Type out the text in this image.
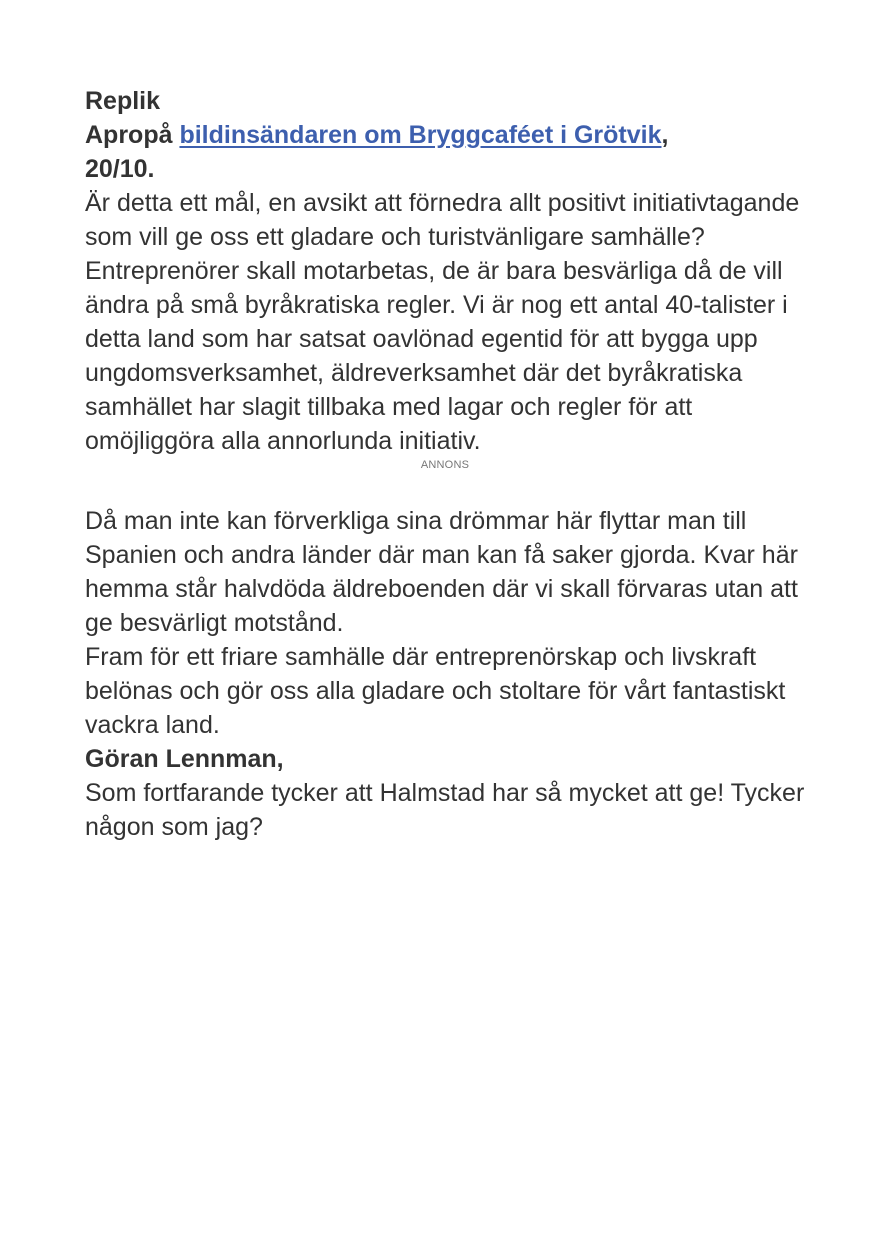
Replik

Apropå bildinsändaren om Bryggcaféet i Grötvik,
20/10.

Är detta ett mål, en avsikt att förnedra allt positivt initiativtagande som vill ge oss ett gladare och turistvänligare samhälle? Entreprenörer skall motarbetas, de är bara besvärliga då de vill ändra på små byråkratiska regler. Vi är nog ett antal 40-talister i detta land som har satsat oavlönad egentid för att bygga upp ungdomsverksamhet, äldreverksamhet där det byråkratiska samhället har slagit tillbaka med lagar och regler för att omöjliggöra alla annorlunda initiativ.

ANNONS

Då man inte kan förverkliga sina drömmar här flyttar man till Spanien och andra länder där man kan få saker gjorda. Kvar här hemma står halvdöda äldreboenden där vi skall förvaras utan att ge besvärligt motstånd.

Fram för ett friare samhälle där entreprenörskap och livskraft belönas och gör oss alla gladare och stoltare för vårt fantastiskt vackra land.

Göran Lennman,

Som fortfarande tycker att Halmstad har så mycket att ge! Tycker någon som jag?
